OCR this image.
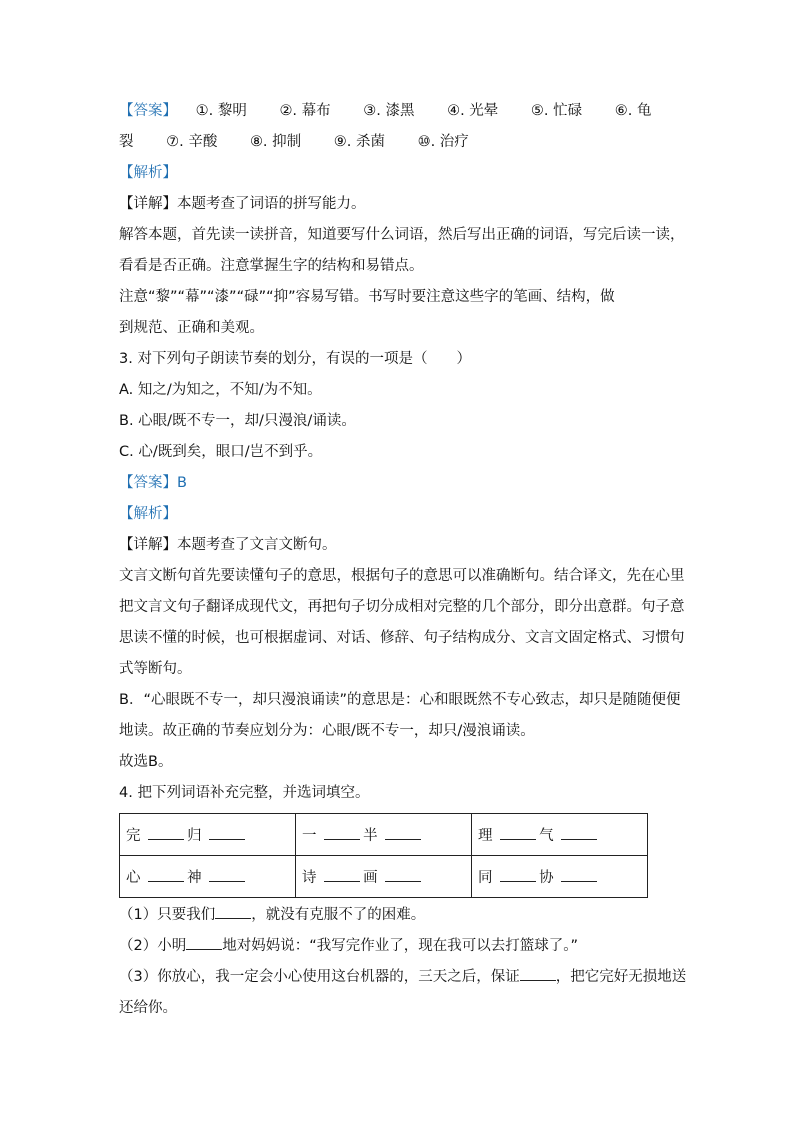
【答案】 ①. 黎明 ②. 幕布 ③. 漆黑 ④. 光晕 ⑤. 忙碌 ⑥. 龟
裂 ⑦. 辛酸 ⑧. 抑制 ⑨. 杀菌 ⑩. 治疗
【解析】
【详解】本题考查了词语的拼写能力。
解答本题，首先读一读拼音，知道要写什么词语，然后写出正确的词语，写完后读一读，
看看是否正确。注意掌握生字的结构和易错点。
注意“黎”“幕”“漆”“碌”“抑”容易写错。书写时要注意这些字的笔画、结构，做
到规范、正确和美观。
3. 对下列句子朗读节奏的划分，有误的一项是（　　）
A. 知之/为知之，不知/为不知。
B. 心眼/既不专一，却/只漫浪/诵读。
C. 心/既到矣，眼口/岂不到乎。
【答案】B
【解析】
【详解】本题考查了文言文断句。
文言文断句首先要读懂句子的意思，根据句子的意思可以准确断句。结合译文，先在心里
把文言文句子翻译成现代文，再把句子切分成相对完整的几个部分，即分出意群。句子意
思读不懂的时候，也可根据虚词、对话、修辞、句子结构成分、文言文固定格式、习惯句
式等断句。
B．“心眼既不专一，却只漫浪诵读”的意思是：心和眼既然不专心致志，却只是随随便便
地读。故正确的节奏应划分为：心眼/既不专一，却只/漫浪诵读。
故选B。
4. 把下列词语补充完整，并选词填空。
完 归	一 半	理 气
心 神	诗 画	同 协
（1）只要我们 ，就没有克服不了的困难。
（2）小明 地对妈妈说：“我写完作业了，现在我可以去打篮球了。”
（3）你放心，我一定会小心使用这台机器的，三天之后，保证 ，把它完好无损地送
还给你。
